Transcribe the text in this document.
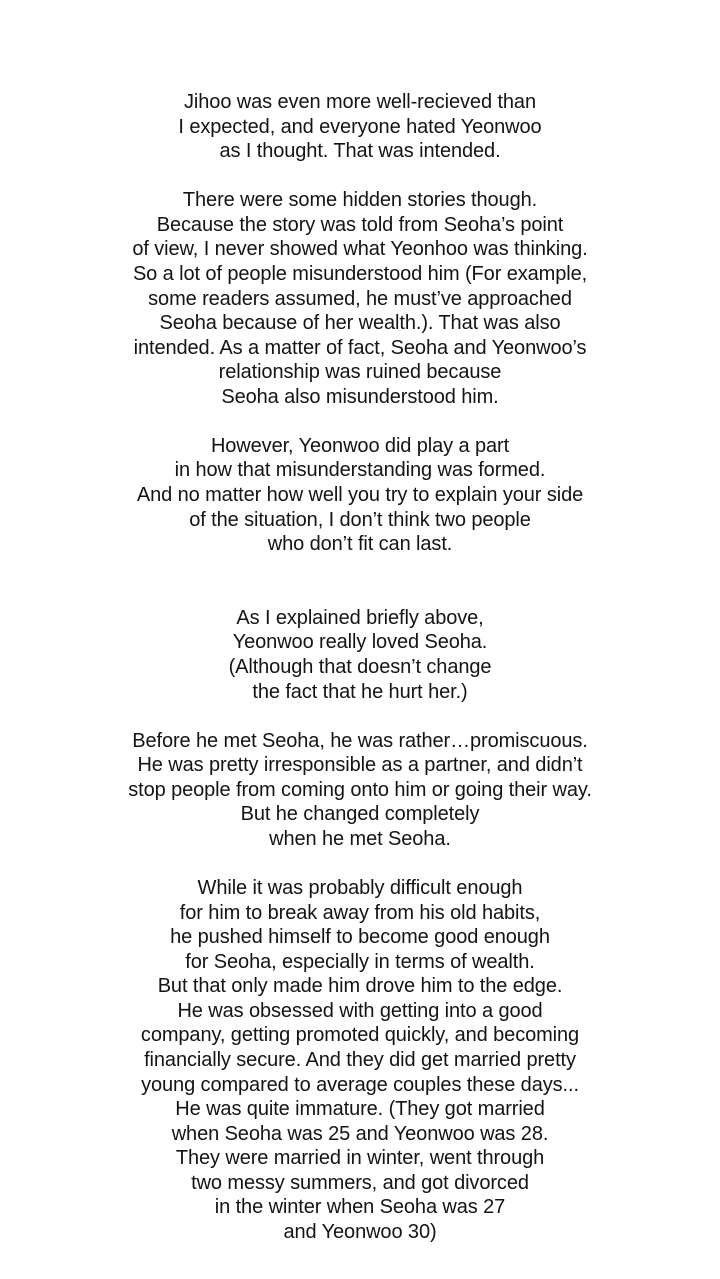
Jihoo was even more well-recieved than
I expected, and everyone hated Yeonwoo
as I thought. That was intended.
There were some hidden stories though.
Because the story was told from Seoha’s point
of view, I never showed what Yeonhoo was thinking.
So a lot of people misunderstood him (For example,
some readers assumed, he must’ve approached
Seoha because of her wealth.). That was also
intended. As a matter of fact, Seoha and Yeonwoo’s
relationship was ruined because
Seoha also misunderstood him.
However, Yeonwoo did play a part
in how that misunderstanding was formed.
And no matter how well you try to explain your side
of the situation, I don’t think two people
who don’t fit can last.
As I explained briefly above,
Yeonwoo really loved Seoha.
(Although that doesn’t change
the fact that he hurt her.)
Before he met Seoha, he was rather…promiscuous.
He was pretty irresponsible as a partner, and didn’t
stop people from coming onto him or going their way.
But he changed completely
when he met Seoha.
While it was probably difficult enough
for him to break away from his old habits,
he pushed himself to become good enough
for Seoha, especially in terms of wealth.
But that only made him drove him to the edge.
He was obsessed with getting into a good
company, getting promoted quickly, and becoming
financially secure. And they did get married pretty
young compared to average couples these days...
He was quite immature. (They got married
when Seoha was 25 and Yeonwoo was 28.
They were married in winter, went through
two messy summers, and got divorced
in the winter when Seoha was 27
and Yeonwoo 30)
